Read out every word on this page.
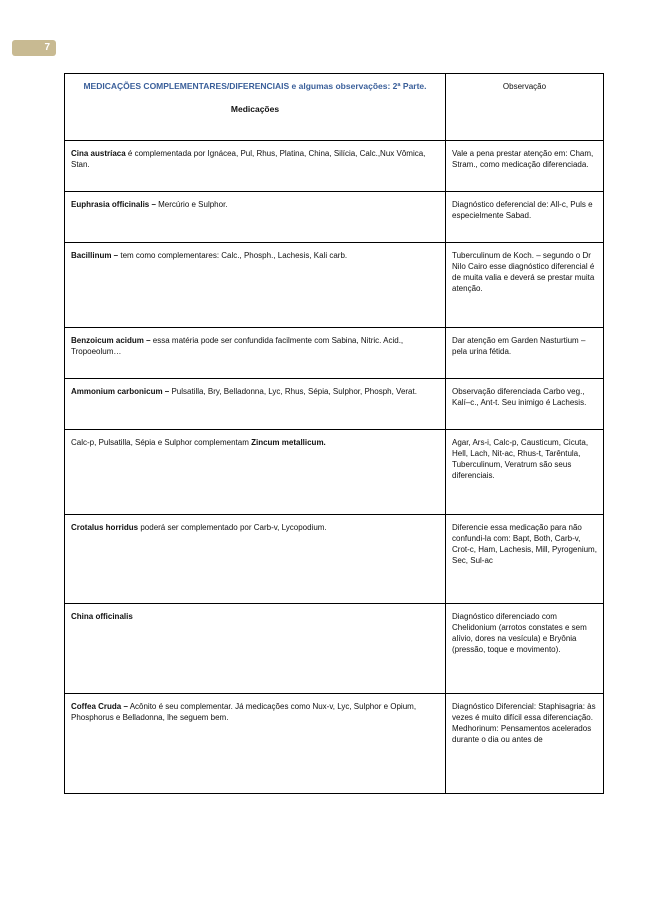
7
MEDICAÇÕES COMPLEMENTARES/DIFERENCIAIS e algumas observações: 2ª Parte.
Medicações	Observação
Cina austríaca é complementada por Ignácea, Pul, Rhus, Platina, China, Silícia, Calc.,Nux Vômica, Stan.	Vale a pena prestar atenção em: Cham, Stram., como medicação diferenciada.
Euphrasia officinalis – Mercúrio e Sulphor.	Diagnóstico deferencial de: All-c, Puls e especielmente Sabad.
Bacillinum – tem como complementares: Calc., Phosph., Lachesis, Kali carb.	Tuberculinum de Koch. – segundo o Dr Nilo Cairo esse diagnóstico diferencial é de muita valia e deverá se prestar muita atenção.
Benzoicum acidum – essa matéria pode ser confundida facilmente com Sabina, Nitric. Acid., Tropoeolum…	Dar atenção em Garden Nasturtium – pela urina fétida.
Ammonium carbonicum – Pulsatilla, Bry, Belladonna, Lyc, Rhus, Sépia, Sulphor, Phosph, Verat.	Observação diferenciada Carbo veg., Kalí–c., Ant-t. Seu inimigo é Lachesis.
Calc-p, Pulsatilla, Sépia e Sulphor complementam Zincum metallicum.	Agar, Ars-i, Calc-p, Causticum, Cicuta, Hell, Lach, Nit-ac, Rhus-t, Tarêntula, Tuberculinum, Veratrum são seus diferenciais.
Crotalus horridus poderá ser complementado por Carb-v, Lycopodium.	Diferencie essa medicação para não confundi-la com: Bapt, Both, Carb-v, Crot-c, Ham, Lachesis, Mill, Pyrogenium, Sec, Sul-ac
China officinalis	Diagnóstico diferenciado com Chelidonium (arrotos constates e sem alívio, dores na vesícula) e Bryônia (pressão, toque e movimento).
Coffea Cruda – Acônito é seu complementar. Já medicações como Nux-v, Lyc, Sulphor e Opium, Phosphorus e Belladonna, lhe seguem bem.	Diagnóstico Diferencial: Staphisagria: às vezes é muito difícil essa diferenciação. Medhorinum: Pensamentos acelerados durante o dia ou antes de
